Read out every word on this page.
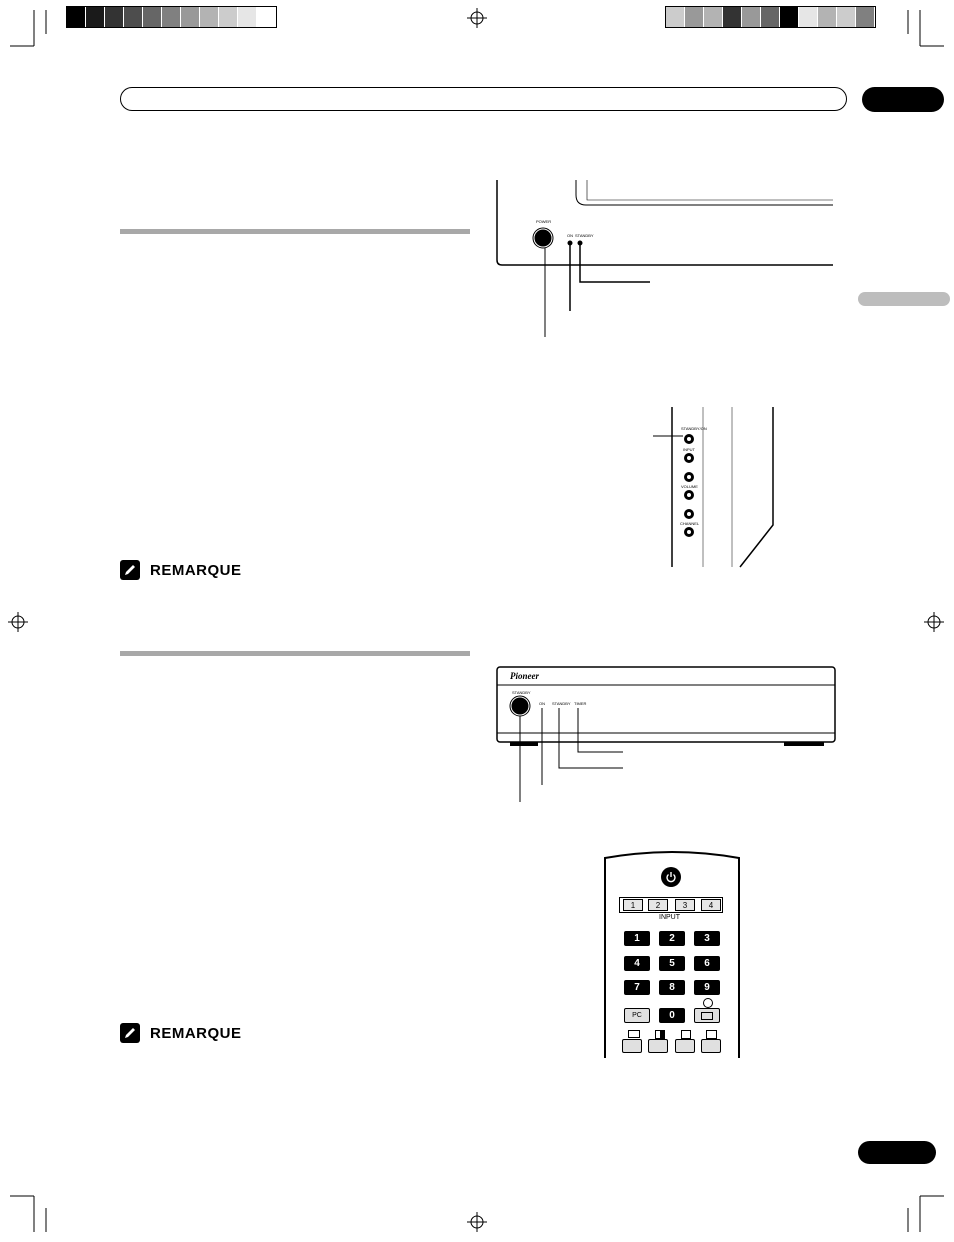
REMARQUE
REMARQUE
POWER
ON STANDBY
STANDBY/ON
INPUT
VOLUME
CHANNEL
Pioneer
STANDBY
ON STANDBY TIMER
1	2	3	4
INPUT
1	2	3
4	5	6
7	8	9
PC	0
